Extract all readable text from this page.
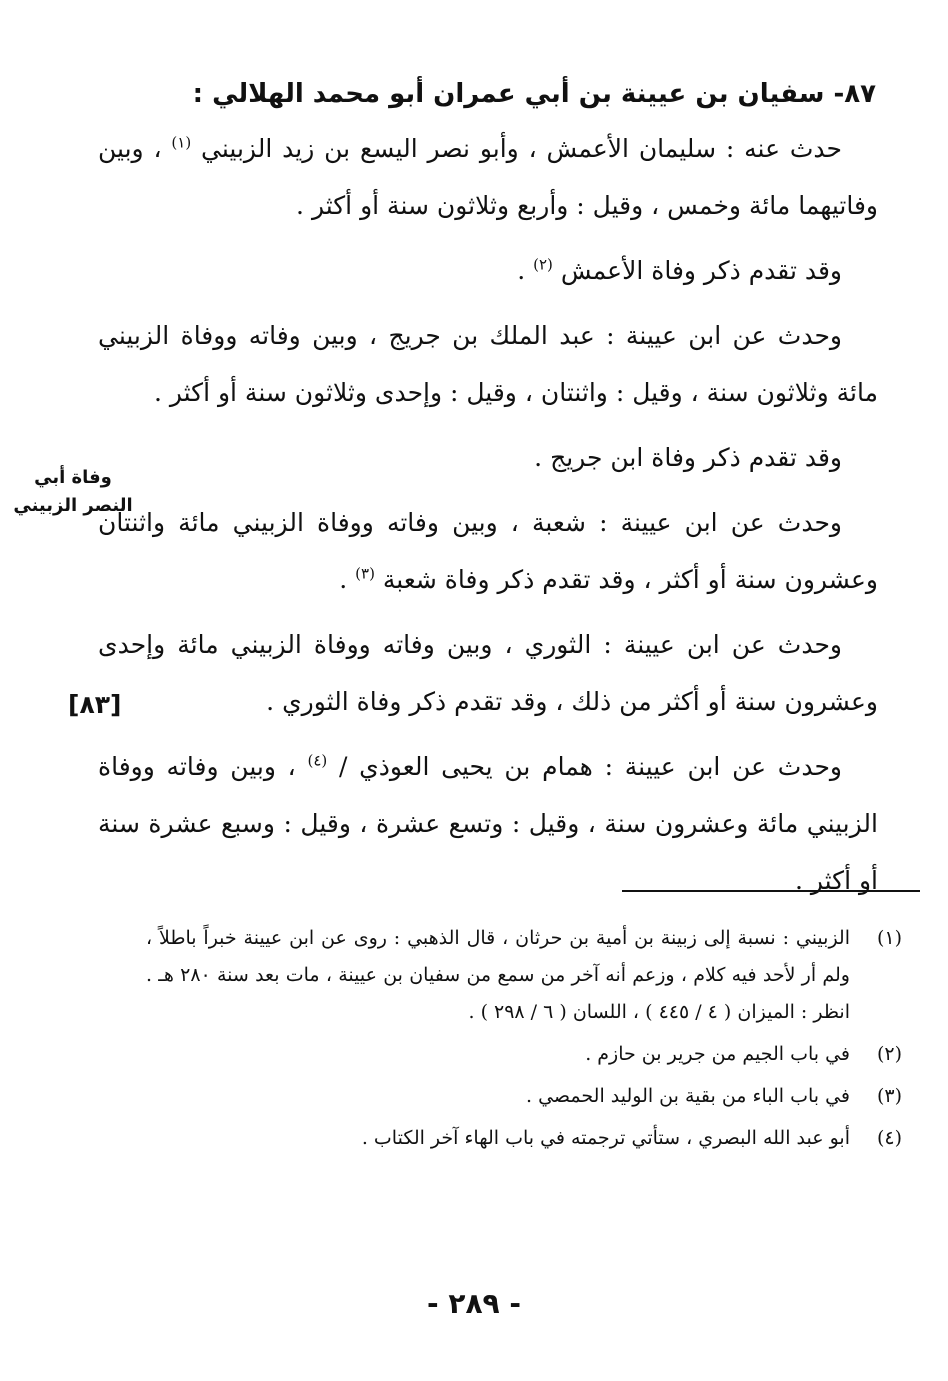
٨٧- سفيان بن عيينة بن أبي عمران أبو محمد الهلالي :

حدث عنه : سليمان الأعمش ، وأبو نصر اليسع بن زيد الزبيني $^{(١)}$ ، وبين وفاتيهما مائة وخمس ، وقيل : وأربع وثلاثون سنة أو أكثر .

وقد تقدم ذكر وفاة الأعمش $^{(٢)}$ .

وحدث عن ابن عيينة : عبد الملك بن جريج ، وبين وفاته ووفاة الزبيني مائة وثلاثون سنة ، وقيل : واثنتان ، وقيل : وإحدى وثلاثون سنة أو أكثر .

وقد تقدم ذكر وفاة ابن جريج .

وحدث عن ابن عيينة : شعبة ، وبين وفاته ووفاة الزبيني مائة واثنتان وعشرون سنة أو أكثر ، وقد تقدم ذكر وفاة شعبة $^{(٣)}$ .

وحدث عن ابن عيينة : الثوري ، وبين وفاته ووفاة الزبيني مائة وإحدى وعشرون سنة أو أكثر من ذلك ، وقد تقدم ذكر وفاة الثوري .

وحدث عن ابن عيينة : همام بن يحيى العوذي / $^{(٤)}$ ، وبين وفاته ووفاة الزبيني مائة وعشرون سنة ، وقيل : وتسع عشرة ، وقيل : وسبع عشرة سنة أو أكثر .

وفاة أبي
النصر الزبيني
[٨٣]
(١)
الزبيني : نسبة إلى زبينة بن أمية بن حرثان ، قال الذهبي : روى عن ابن عيينة خبراً باطلاً ، ولم أر لأحد فيه كلام ، وزعم أنه آخر من سمع من سفيان بن عيينة ، مات بعد سنة ٢٨٠ هـ . انظر : الميزان ( ٤ / ٤٤٥ ) ، اللسان ( ٦ / ٢٩٨ ) .
(٢)
في باب الجيم من جرير بن حازم .
(٣)
في باب الباء من بقية بن الوليد الحمصي .
(٤)
أبو عبد الله البصري ، ستأتي ترجمته في باب الهاء آخر الكتاب .
- ٢٨٩ -
